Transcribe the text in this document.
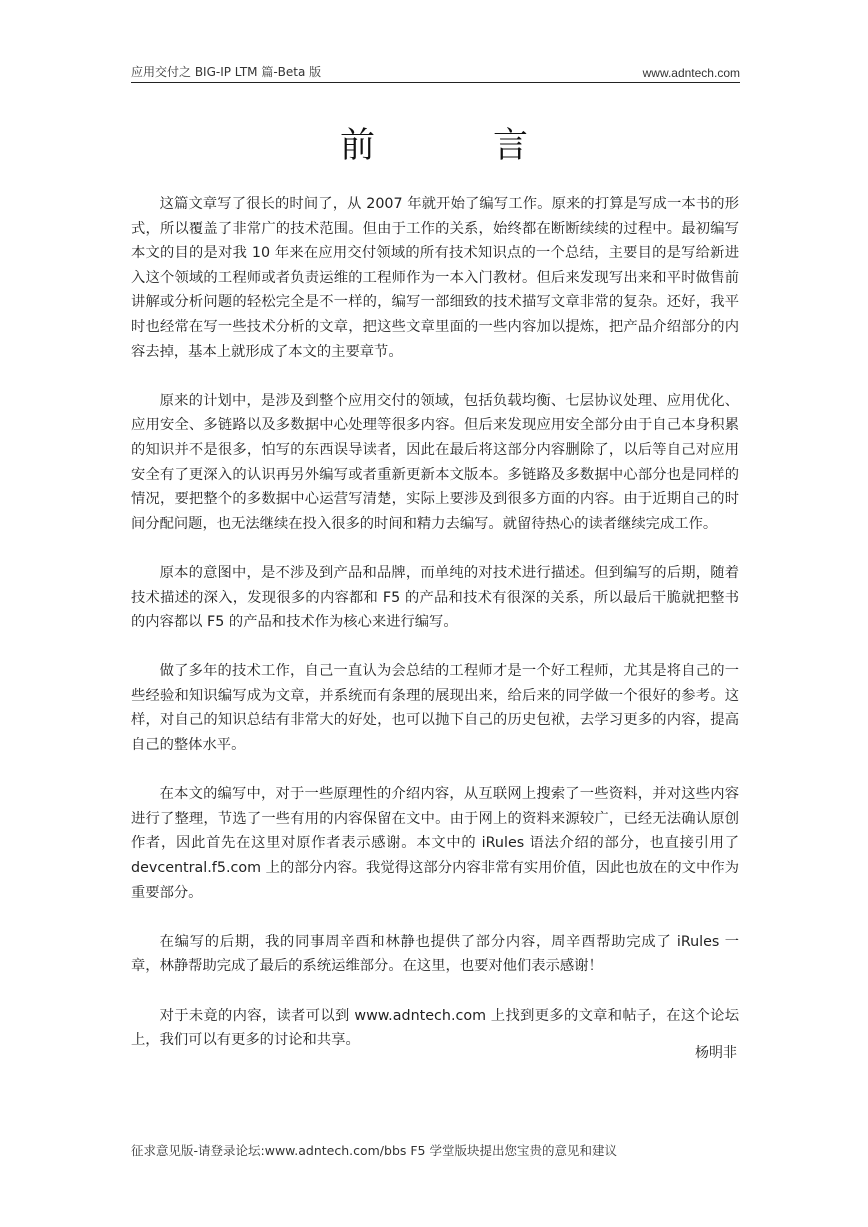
应用交付之 BIG-IP LTM 篇-Beta 版	www.adntech.com
前	言

这篇文章写了很长的时间了，从 2007 年就开始了编写工作。原来的打算是写成一本书的形式，所以覆盖了非常广的技术范围。但由于工作的关系，始终都在断断续续的过程中。最初编写本文的目的是对我 10 年来在应用交付领域的所有技术知识点的一个总结，主要目的是写给新进入这个领域的工程师或者负责运维的工程师作为一本入门教材。但后来发现写出来和平时做售前讲解或分析问题的轻松完全是不一样的，编写一部细致的技术描写文章非常的复杂。还好，我平时也经常在写一些技术分析的文章，把这些文章里面的一些内容加以提炼，把产品介绍部分的内容去掉，基本上就形成了本文的主要章节。

原来的计划中，是涉及到整个应用交付的领域，包括负载均衡、七层协议处理、应用优化、应用安全、多链路以及多数据中心处理等很多内容。但后来发现应用安全部分由于自己本身积累的知识并不是很多，怕写的东西误导读者，因此在最后将这部分内容删除了，以后等自己对应用安全有了更深入的认识再另外编写或者重新更新本文版本。多链路及多数据中心部分也是同样的情况，要把整个的多数据中心运营写清楚，实际上要涉及到很多方面的内容。由于近期自己的时间分配问题，也无法继续在投入很多的时间和精力去编写。就留待热心的读者继续完成工作。

原本的意图中，是不涉及到产品和品牌，而单纯的对技术进行描述。但到编写的后期，随着技术描述的深入，发现很多的内容都和 F5 的产品和技术有很深的关系，所以最后干脆就把整书的内容都以 F5 的产品和技术作为核心来进行编写。

做了多年的技术工作，自己一直认为会总结的工程师才是一个好工程师，尤其是将自己的一些经验和知识编写成为文章，并系统而有条理的展现出来，给后来的同学做一个很好的参考。这样，对自己的知识总结有非常大的好处，也可以抛下自己的历史包袱，去学习更多的内容，提高自己的整体水平。

在本文的编写中，对于一些原理性的介绍内容，从互联网上搜索了一些资料，并对这些内容进行了整理，节选了一些有用的内容保留在文中。由于网上的资料来源较广，已经无法确认原创作者，因此首先在这里对原作者表示感谢。本文中的 iRules 语法介绍的部分，也直接引用了 devcentral.f5.com 上的部分内容。我觉得这部分内容非常有实用价值，因此也放在的文中作为重要部分。

在编写的后期，我的同事周辛酉和林静也提供了部分内容，周辛酉帮助完成了 iRules 一章，林静帮助完成了最后的系统运维部分。在这里，也要对他们表示感谢！

对于未竟的内容，读者可以到 www.adntech.com 上找到更多的文章和帖子，在这个论坛上，我们可以有更多的讨论和共享。

杨明非
征求意见版-请登录论坛:www.adntech.com/bbs F5 学堂版块提出您宝贵的意见和建议
